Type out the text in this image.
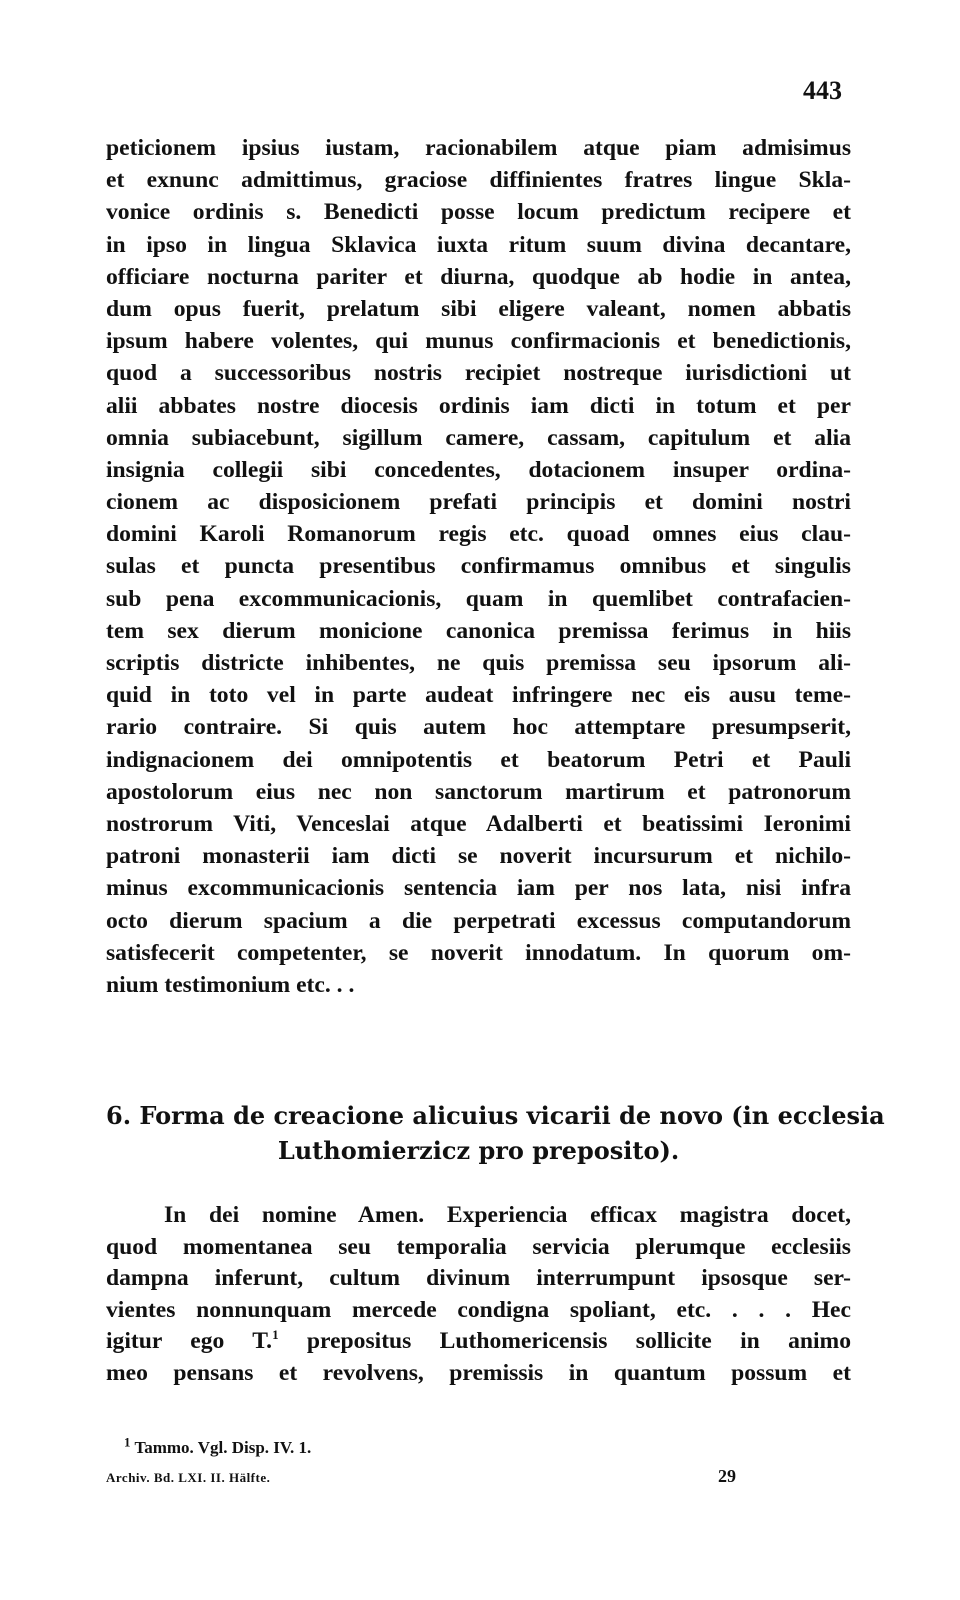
443
peticionem ipsius iustam, racionabilem atque piam admisimus
et exnunc admittimus, graciose diffinientes fratres lingue Skla-
vonice ordinis s. Benedicti posse locum predictum recipere et
in ipso in lingua Sklavica iuxta ritum suum divina decantare,
officiare nocturna pariter et diurna, quodque ab hodie in antea,
dum opus fuerit, prelatum sibi eligere valeant, nomen abbatis
ipsum habere volentes, qui munus confirmacionis et benedictionis,
quod a successoribus nostris recipiet nostreque iurisdictioni ut
alii abbates nostre diocesis ordinis iam dicti in totum et per
omnia subiacebunt, sigillum camere, cassam, capitulum et alia
insignia collegii sibi concedentes, dotacionem insuper ordina-
cionem ac disposicionem prefati principis et domini nostri
domini Karoli Romanorum regis etc. quoad omnes eius clau-
sulas et puncta presentibus confirmamus omnibus et singulis
sub pena excommunicacionis, quam in quemlibet contrafacien-
tem sex dierum monicione canonica premissa ferimus in hiis
scriptis districte inhibentes, ne quis premissa seu ipsorum ali-
quid in toto vel in parte audeat infringere nec eis ausu teme-
rario contraire. Si quis autem hoc attemptare presumpserit,
indignacionem dei omnipotentis et beatorum Petri et Pauli
apostolorum eius nec non sanctorum martirum et patronorum
nostrorum Viti, Venceslai atque Adalberti et beatissimi Ieronimi
patroni monasterii iam dicti se noverit incursurum et nichilo-
minus excommunicacionis sentencia iam per nos lata, nisi infra
octo dierum spacium a die perpetrati excessus computandorum
satisfecerit competenter, se noverit innodatum. In quorum om-
nium testimonium etc. . .
6. Forma de creacione alicuius vicarii de novo (in ecclesia
Luthomierzicz pro preposito).
In dei nomine Amen. Experiencia efficax magistra docet,
quod momentanea seu temporalia servicia plerumque ecclesiis
dampna inferunt, cultum divinum interrumpunt ipsosque ser-
vientes nonnunquam mercede condigna spoliant, etc. . . . Hec
igitur ego T.$^1$ prepositus Luthomericensis sollicite in animo
meo pensans et revolvens, premissis in quantum possum et
$^1$ Tammo. Vgl. Disp. IV. 1.
Archiv. Bd. LXI. II. Hälfte.	29
